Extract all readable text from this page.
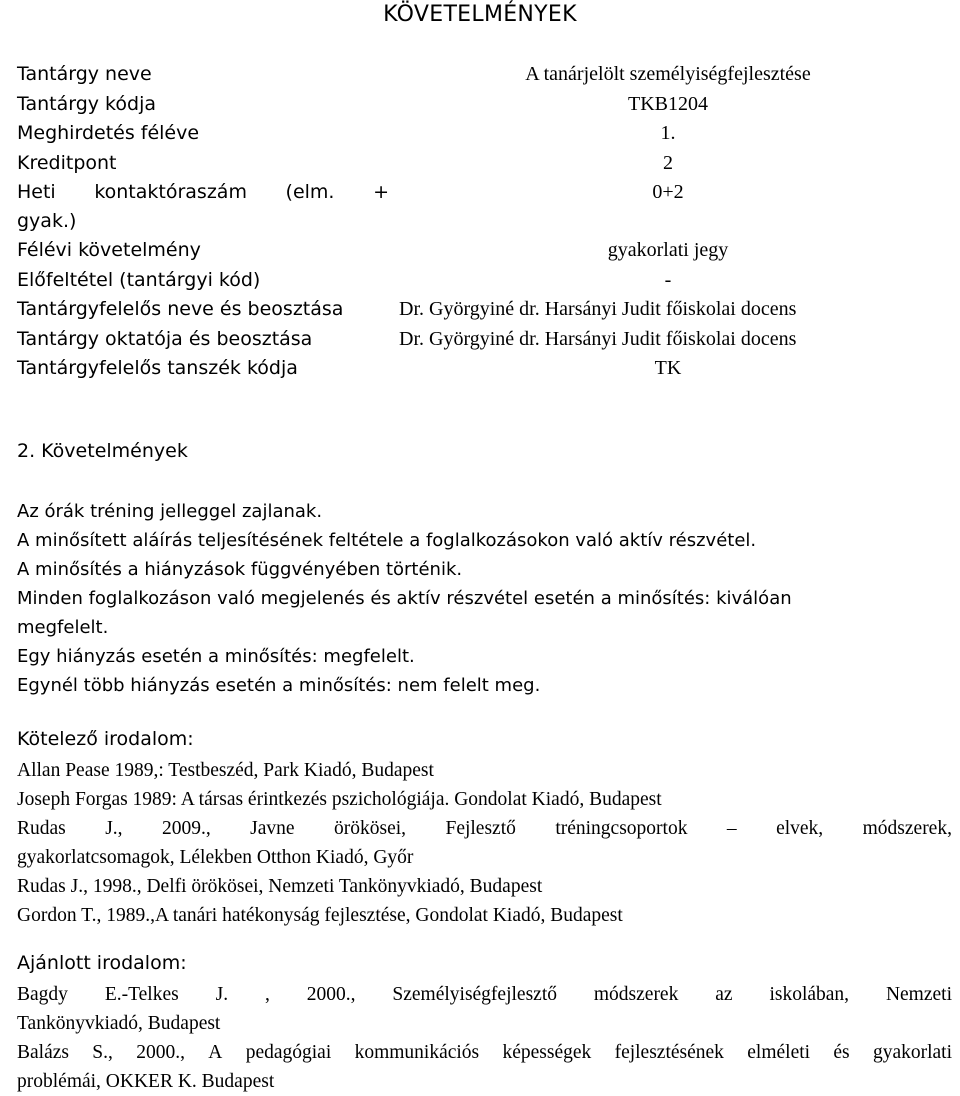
KÖVETELMÉNYEK
Tantárgy neve	A tanárjelölt személyiségfejlesztése
Tantárgy kódja	TKB1204
Meghirdetés féléve	1.
Kreditpont	2

Heti kontaktóraszám (elm. +
gyak.)	0+2
Félévi követelmény	gyakorlati jegy
Előfeltétel (tantárgyi kód)	-
Tantárgyfelelős neve és beosztása	Dr. Györgyiné dr. Harsányi Judit főiskolai docens
Tantárgy oktatója és beosztása	Dr. Györgyiné dr. Harsányi Judit főiskolai docens
Tantárgyfelelős tanszék kódja	TK
2. Követelmények
Az órák tréning jelleggel zajlanak.
A minősített aláírás teljesítésének feltétele a foglalkozásokon való aktív részvétel.
A minősítés a hiányzások függvényében történik.
Minden foglalkozáson való megjelenés és aktív részvétel esetén a minősítés: kiválóan
megfelelt.
Egy hiányzás esetén a minősítés: megfelelt.
Egynél több hiányzás esetén a minősítés: nem felelt meg.
Kötelező irodalom:
Allan Pease 1989,: Testbeszéd, Park Kiadó, Budapest
Joseph Forgas 1989: A társas érintkezés pszichológiája. Gondolat Kiadó, Budapest
Rudas J., 2009., Javne örökösei, Fejlesztő tréningcsoportok – elvek, módszerek,
gyakorlatcsomagok, Lélekben Otthon Kiadó, Győr
Rudas J., 1998., Delfi örökösei, Nemzeti Tankönyvkiadó, Budapest
Gordon T., 1989.,A tanári hatékonyság fejlesztése, Gondolat Kiadó, Budapest
Ajánlott irodalom:
Bagdy E.-Telkes J. , 2000., Személyiségfejlesztő módszerek az iskolában, Nemzeti
Tankönyvkiadó, Budapest
Balázs S., 2000., A pedagógiai kommunikációs képességek fejlesztésének elméleti és gyakorlati
problémái, OKKER K. Budapest
